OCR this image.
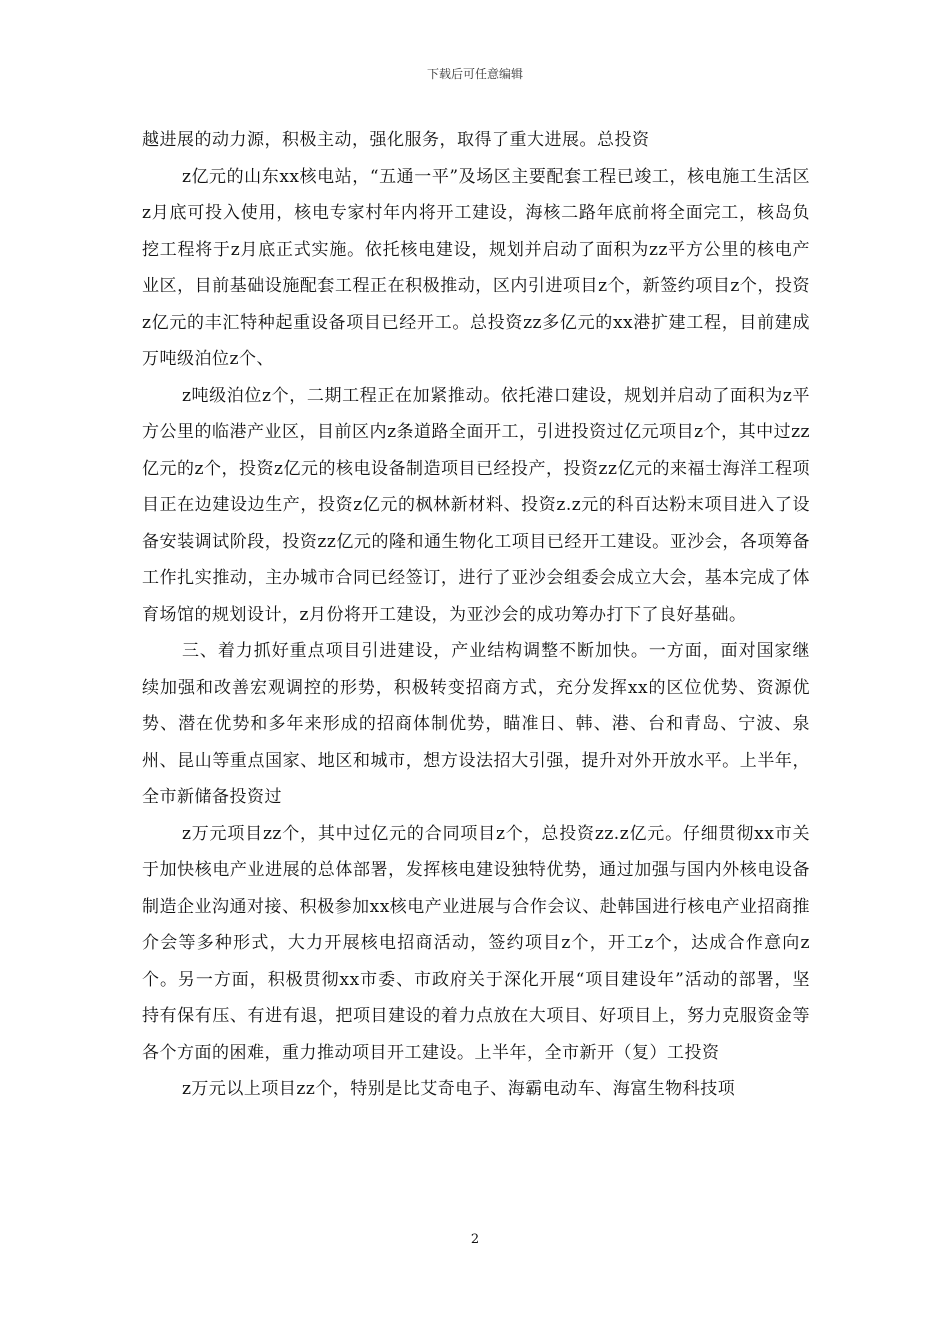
下载后可任意编辑

越进展的动力源，积极主动，强化服务，取得了重大进展。总投资

z亿元的山东xx核电站，“五通一平”及场区主要配套工程已竣工，核电施工生活区z月底可投入使用，核电专家村年内将开工建设，海核二路年底前将全面完工，核岛负挖工程将于z月底正式实施。依托核电建设，规划并启动了面积为zz平方公里的核电产业区，目前基础设施配套工程正在积极推动，区内引进项目z个，新签约项目z个，投资z亿元的丰汇特种起重设备项目已经开工。总投资zz多亿元的xx港扩建工程，目前建成万吨级泊位z个、

z吨级泊位z个，二期工程正在加紧推动。依托港口建设，规划并启动了面积为z平方公里的临港产业区，目前区内z条道路全面开工，引进投资过亿元项目z个，其中过zz亿元的z个，投资z亿元的核电设备制造项目已经投产，投资zz亿元的来福士海洋工程项目正在边建设边生产，投资z亿元的枫林新材料、投资z.z元的科百达粉末项目进入了设备安装调试阶段，投资zz亿元的隆和通生物化工项目已经开工建设。亚沙会，各项筹备工作扎实推动，主办城市合同已经签订，进行了亚沙会组委会成立大会，基本完成了体育场馆的规划设计，z月份将开工建设，为亚沙会的成功筹办打下了良好基础。

三、着力抓好重点项目引进建设，产业结构调整不断加快。一方面，面对国家继续加强和改善宏观调控的形势，积极转变招商方式，充分发挥xx的区位优势、资源优势、潜在优势和多年来形成的招商体制优势，瞄准日、韩、港、台和青岛、宁波、泉州、昆山等重点国家、地区和城市，想方设法招大引强，提升对外开放水平。上半年，全市新储备投资过

z万元项目zz个，其中过亿元的合同项目z个，总投资zz.z亿元。仔细贯彻xx市关于加快核电产业进展的总体部署，发挥核电建设独特优势，通过加强与国内外核电设备制造企业沟通对接、积极参加xx核电产业进展与合作会议、赴韩国进行核电产业招商推介会等多种形式，大力开展核电招商活动，签约项目z个，开工z个，达成合作意向z个。另一方面，积极贯彻xx市委、市政府关于深化开展“项目建设年”活动的部署，坚持有保有压、有进有退，把项目建设的着力点放在大项目、好项目上，努力克服资金等各个方面的困难，重力推动项目开工建设。上半年，全市新开（复）工投资

z万元以上项目zz个，特别是比艾奇电子、海霸电动车、海富生物科技项

2
